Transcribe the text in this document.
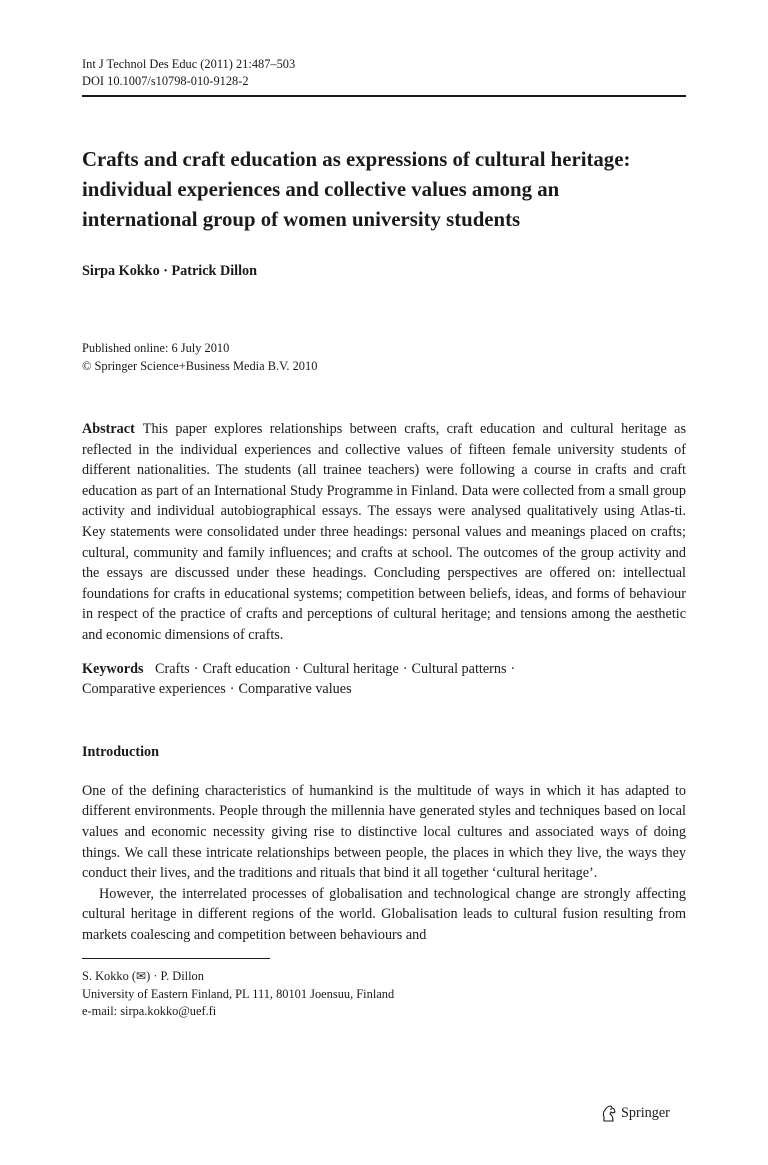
Int J Technol Des Educ (2011) 21:487–503
DOI 10.1007/s10798-010-9128-2
Crafts and craft education as expressions of cultural heritage: individual experiences and collective values among an international group of women university students
Sirpa Kokko · Patrick Dillon
Published online: 6 July 2010
© Springer Science+Business Media B.V. 2010
Abstract This paper explores relationships between crafts, craft education and cultural heritage as reflected in the individual experiences and collective values of fifteen female university students of different nationalities. The students (all trainee teachers) were following a course in crafts and craft education as part of an International Study Programme in Finland. Data were collected from a small group activity and individual autobiographical essays. The essays were analysed qualitatively using Atlas-ti. Key statements were consolidated under three headings: personal values and meanings placed on crafts; cultural, community and family influences; and crafts at school. The outcomes of the group activity and the essays are discussed under these headings. Concluding perspectives are offered on: intellectual foundations for crafts in educational systems; competition between beliefs, ideas, and forms of behaviour in respect of the practice of crafts and perceptions of cultural heritage; and tensions among the aesthetic and economic dimensions of crafts.
Keywords Crafts · Craft education · Cultural heritage · Cultural patterns ·
Comparative experiences · Comparative values
Introduction

One of the defining characteristics of humankind is the multitude of ways in which it has adapted to different environments. People through the millennia have generated styles and techniques based on local values and economic necessity giving rise to distinctive local cultures and associated ways of doing things. We call these intricate relationships between people, the places in which they live, the ways they conduct their lives, and the traditions and rituals that bind it all together ‘cultural heritage’.

However, the interrelated processes of globalisation and technological change are strongly affecting cultural heritage in different regions of the world. Globalisation leads to cultural fusion resulting from markets coalescing and competition between behaviours and

S. Kokko (✉) · P. Dillon
University of Eastern Finland, PL 111, 80101 Joensuu, Finland
e-mail: sirpa.kokko@uef.fi
Springer
